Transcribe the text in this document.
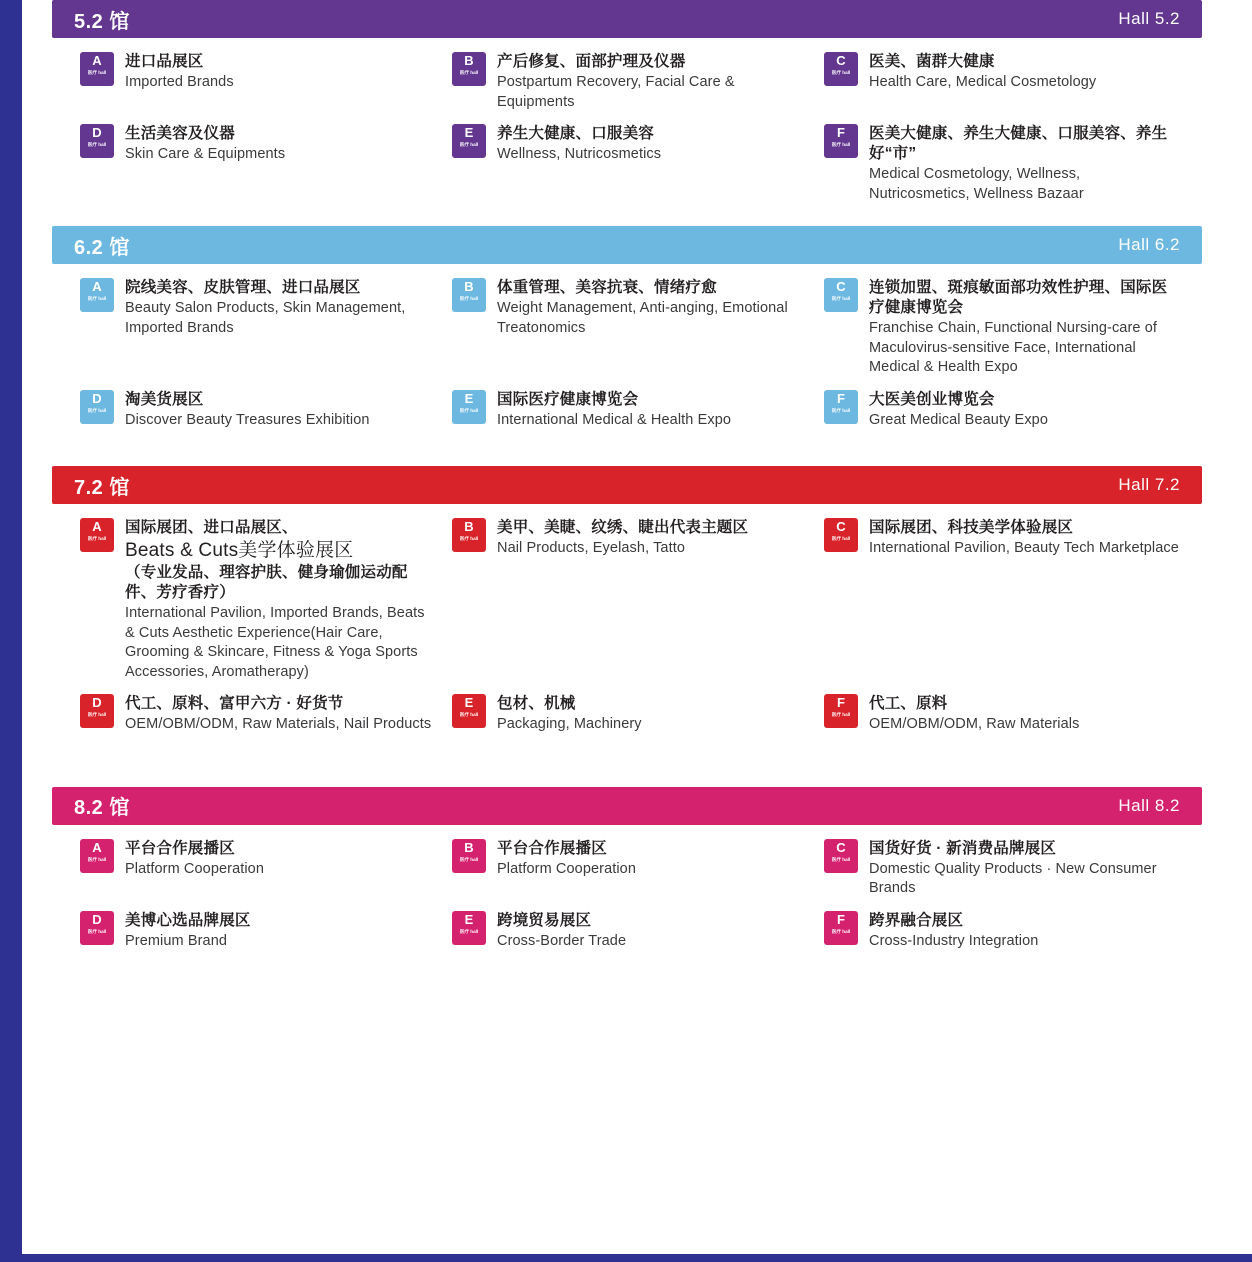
5.2 馆	Hall 5.2
A
医疗 hall
进口品展区
Imported Brands
B
医疗 hall
产后修复、面部护理及仪器
Postpartum Recovery, Facial Care & Equipments
C
医疗 hall
医美、菌群大健康
Health Care, Medical Cosmetology
D
医疗 hall
生活美容及仪器
Skin Care & Equipments
E
医疗 hall
养生大健康、口服美容
Wellness, Nutricosmetics
F
医疗 hall
医美大健康、养生大健康、口服美容、养生好“市”
Medical Cosmetology, Wellness, Nutricosmetics, Wellness Bazaar
6.2 馆	Hall 6.2
A
医疗 hall
院线美容、皮肤管理、进口品展区
Beauty Salon Products, Skin Management, Imported Brands
B
医疗 hall
体重管理、美容抗衰、情绪疗愈
Weight Management, Anti-anging, Emotional Treatonomics
C
医疗 hall
连锁加盟、斑痕敏面部功效性护理、国际医疗健康博览会
Franchise Chain, Functional Nursing-care of Maculovirus-sensitive Face, International Medical & Health Expo
D
医疗 hall
淘美货展区
Discover Beauty Treasures Exhibition
E
医疗 hall
国际医疗健康博览会
International Medical & Health Expo
F
医疗 hall
大医美创业博览会
Great Medical Beauty Expo
7.2 馆	Hall 7.2
A
医疗 hall
国际展团、进口品展区、
Beats & Cuts美学体验展区
（专业发品、理容护肤、健身瑜伽运动配件、芳疗香疗）
International Pavilion, Imported Brands, Beats & Cuts Aesthetic Experience(Hair Care, Grooming & Skincare, Fitness & Yoga Sports Accessories, Aromatherapy)
B
医疗 hall
美甲、美睫、纹绣、睫出代表主题区
Nail Products, Eyelash, Tatto
C
医疗 hall
国际展团、科技美学体验展区
International Pavilion, Beauty Tech Marketplace
D
医疗 hall
代工、原料、富甲六方 · 好货节
OEM/OBM/ODM, Raw Materials, Nail Products
E
医疗 hall
包材、机械
Packaging, Machinery
F
医疗 hall
代工、原料
OEM/OBM/ODM, Raw Materials
8.2 馆	Hall 8.2
A
医疗 hall
平台合作展播区
Platform Cooperation
B
医疗 hall
平台合作展播区
Platform Cooperation
C
医疗 hall
国货好货 · 新消费品牌展区
Domestic Quality Products · New Consumer Brands
D
医疗 hall
美博心选品牌展区
Premium Brand
E
医疗 hall
跨境贸易展区
Cross-Border Trade
F
医疗 hall
跨界融合展区
Cross-Industry Integration
